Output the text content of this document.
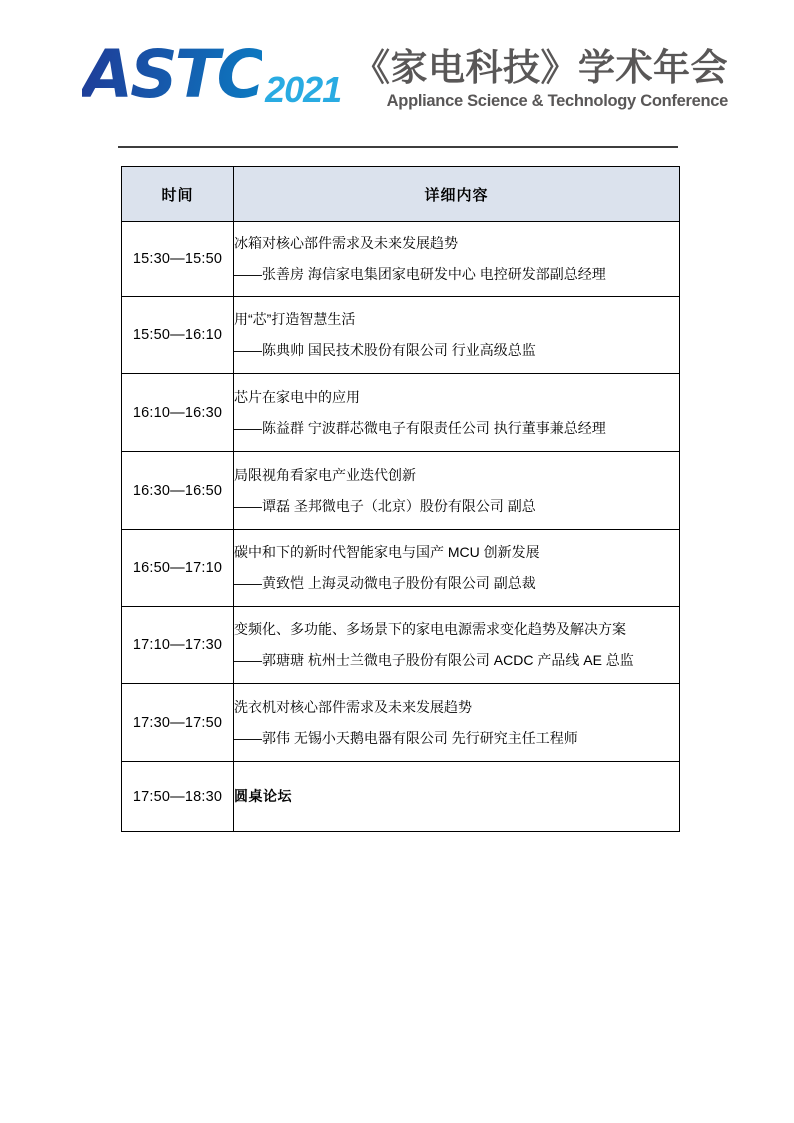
ASTC 2021
《家电科技》学术年会
Appliance Science & Technology Conference
时间	详细内容
15:30—15:50	冰箱对核心部件需求及未来发展趋势
——张善房 海信家电集团家电研发中心 电控研发部副总经理

15:50—16:10	用“芯”打造智慧生活
——陈典帅 国民技术股份有限公司 行业高级总监

16:10—16:30	芯片在家电中的应用
——陈益群 宁波群芯微电子有限责任公司 执行董事兼总经理

16:30—16:50	局限视角看家电产业迭代创新
——谭磊 圣邦微电子（北京）股份有限公司 副总

16:50—17:10	碳中和下的新时代智能家电与国产 MCU 创新发展
——黄致恺 上海灵动微电子股份有限公司 副总裁

17:10—17:30	变频化、多功能、多场景下的家电电源需求变化趋势及解决方案
——郭瑭瑭 杭州士兰微电子股份有限公司 ACDC 产品线 AE 总监

17:30—17:50	洗衣机对核心部件需求及未来发展趋势
——郭伟 无锡小天鹅电器有限公司 先行研究主任工程师

17:50—18:30	圆桌论坛
